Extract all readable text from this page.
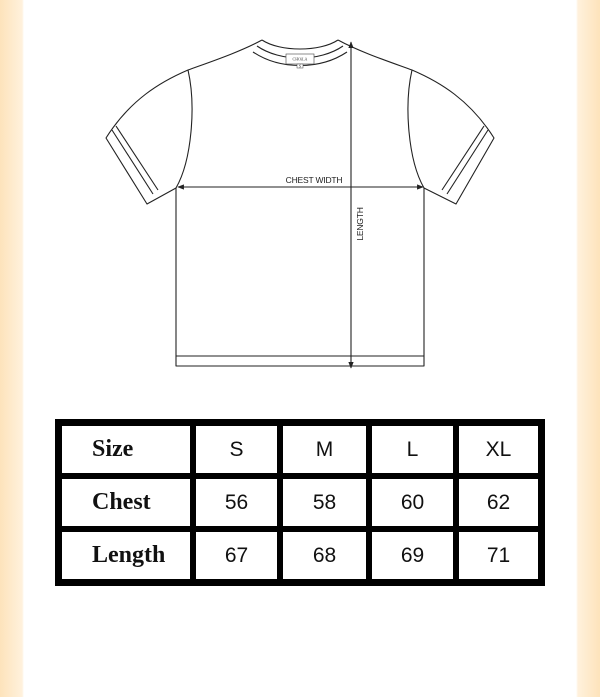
CHOiLA
S
CHEST WIDTH
LENGTH
Size	S	M	L	XL
Chest	56	58	60	62
Length	67	68	69	71
